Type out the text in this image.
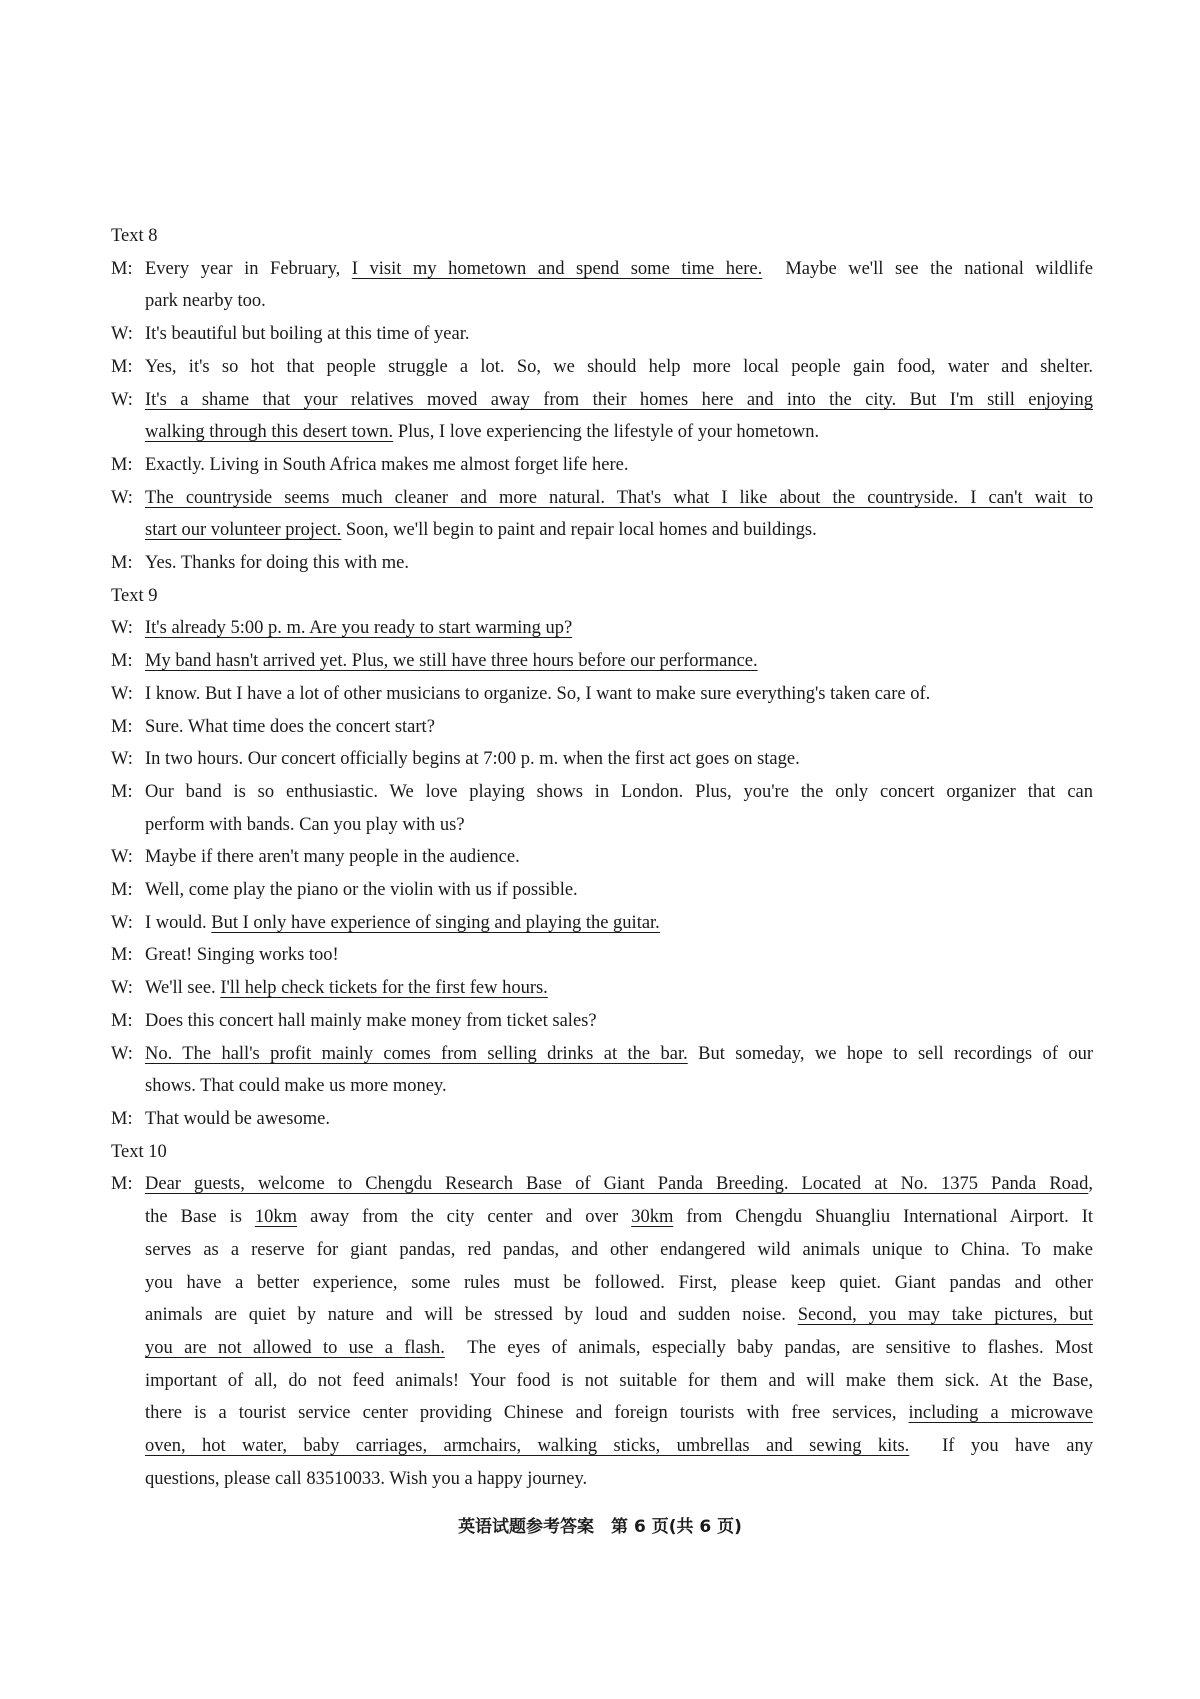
Text 8
M: Every year in February, I visit my hometown and spend some time here.  Maybe we'll see the national wildlife
park nearby too.
W: It's beautiful but boiling at this time of year.
M: Yes, it's so hot that people struggle a lot. So, we should help more local people gain food, water and shelter.
W: It's a shame that your relatives moved away from their homes here and into the city. But I'm still enjoying
walking through this desert town. Plus, I love experiencing the lifestyle of your hometown.
M: Exactly. Living in South Africa makes me almost forget life here.
W: The countryside seems much cleaner and more natural. That's what I like about the countryside. I can't wait to
start our volunteer project. Soon, we'll begin to paint and repair local homes and buildings.
M: Yes. Thanks for doing this with me.
Text 9
W: It's already 5:00 p. m. Are you ready to start warming up?
M: My band hasn't arrived yet. Plus, we still have three hours before our performance.
W: I know. But I have a lot of other musicians to organize. So, I want to make sure everything's taken care of.
M: Sure. What time does the concert start?
W: In two hours. Our concert officially begins at 7:00 p. m. when the first act goes on stage.
M: Our band is so enthusiastic. We love playing shows in London. Plus, you're the only concert organizer that can
perform with bands. Can you play with us?
W: Maybe if there aren't many people in the audience.
M: Well, come play the piano or the violin with us if possible.
W: I would. But I only have experience of singing and playing the guitar.
M: Great! Singing works too!
W: We'll see. I'll help check tickets for the first few hours.
M: Does this concert hall mainly make money from ticket sales?
W: No. The hall's profit mainly comes from selling drinks at the bar. But someday, we hope to sell recordings of our
shows. That could make us more money.
M: That would be awesome.
Text 10
M: Dear guests, welcome to Chengdu Research Base of Giant Panda Breeding. Located at No. 1375 Panda Road,
the Base is 10km away from the city center and over 30km from Chengdu Shuangliu International Airport. It
serves as a reserve for giant pandas, red pandas, and other endangered wild animals unique to China. To make
you have a better experience, some rules must be followed. First, please keep quiet. Giant pandas and other
animals are quiet by nature and will be stressed by loud and sudden noise. Second, you may take pictures, but
you are not allowed to use a flash.  The eyes of animals, especially baby pandas, are sensitive to flashes. Most
important of all, do not feed animals! Your food is not suitable for them and will make them sick. At the Base,
there is a tourist service center providing Chinese and foreign tourists with free services, including a microwave
oven, hot water, baby carriages, armchairs, walking sticks, umbrellas and sewing kits.  If you have any
questions, please call 83510033. Wish you a happy journey.
英语试题参考答案　第 6 页(共 6 页)
